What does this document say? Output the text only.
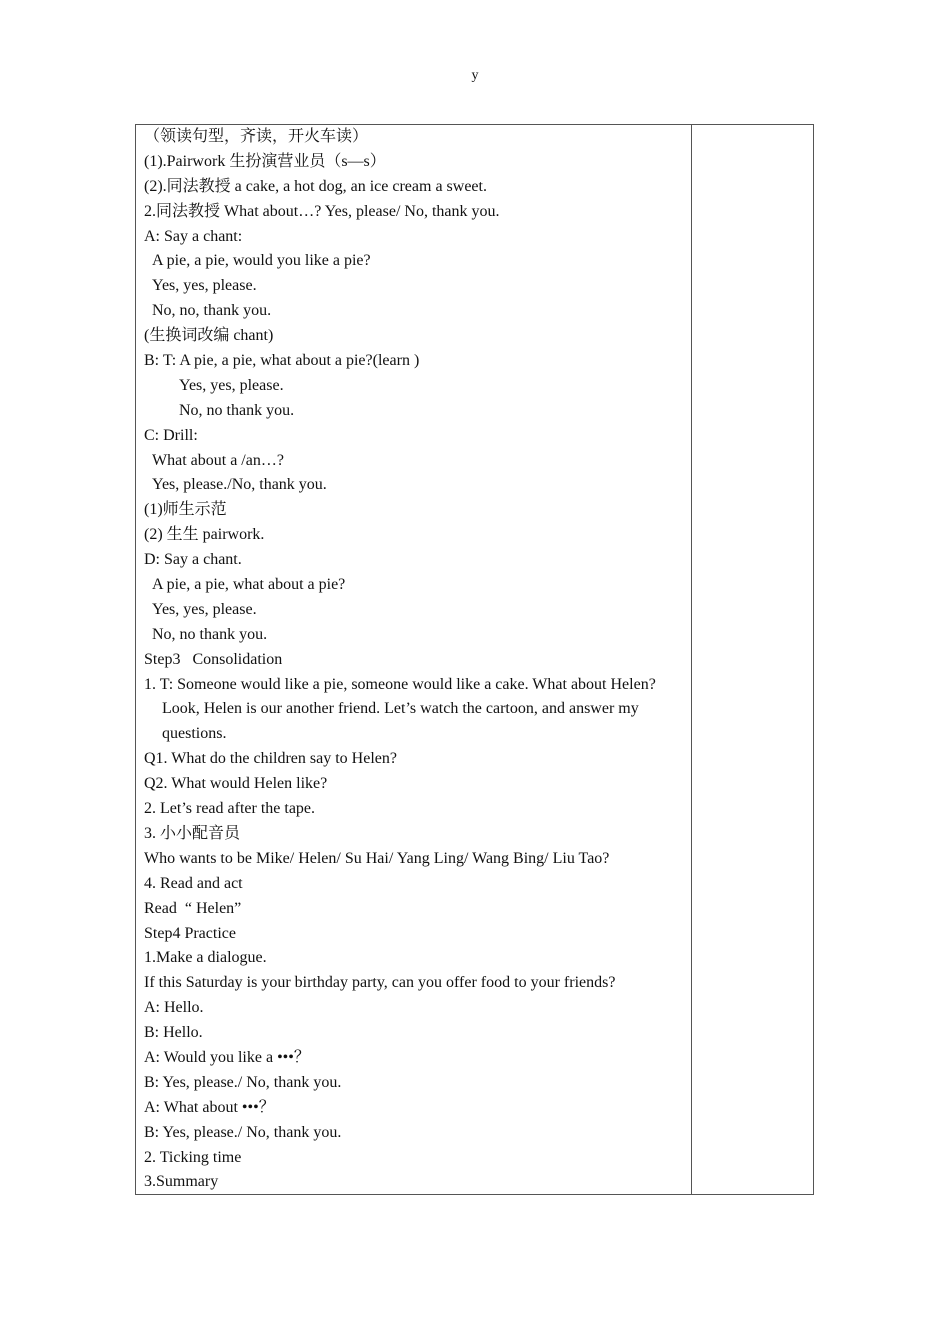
y
（领读句型，齐读，开火车读）
(1).Pairwork 生扮演营业员（s—s）
(2).同法教授 a cake, a hot dog, an ice cream a sweet.
2.同法教授 What about…? Yes, please/ No, thank you.
A: Say a chant:
A pie, a pie, would you like a pie?
Yes, yes, please.
No, no, thank you.
(生换词改编 chant)
B: T: A pie, a pie, what about a pie?(learn )
Yes, yes, please.
No, no thank you.
C: Drill:
What about a /an…?
Yes, please./No, thank you.
(1)师生示范
(2) 生生 pairwork.
D: Say a chant.
A pie, a pie, what about a pie?
Yes, yes, please.
No, no thank you.
Step3   Consolidation
1. T: Someone would like a pie, someone would like a cake. What about Helen?
Look, Helen is our another friend. Let’s watch the cartoon, and answer my
questions.
Q1. What do the children say to Helen?
Q2. What would Helen like?
2. Let’s read after the tape.
3. 小小配音员
Who wants to be Mike/ Helen/ Su Hai/ Yang Ling/ Wang Bing/ Liu Tao?
4. Read and act
Read  “ Helen”
Step4 Practice
1.Make a dialogue.
If this Saturday is your birthday party, can you offer food to your friends?
A: Hello.
B: Hello.
A: Would you like a •••？
B: Yes, please./ No, thank you.
A: What about •••？
B: Yes, please./ No, thank you.
2. Ticking time
3.Summary
